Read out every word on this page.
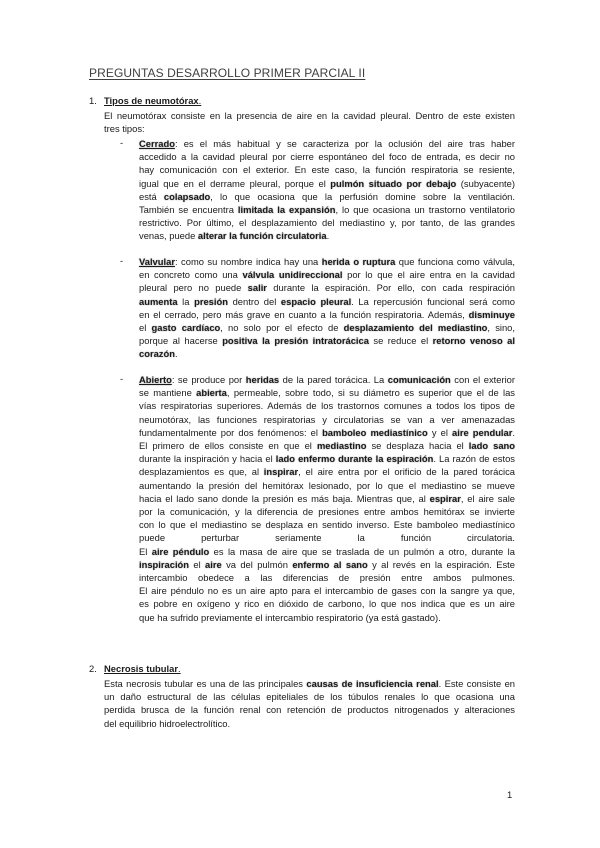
PREGUNTAS DESARROLLO PRIMER PARCIAL II
1. Tipos de neumotórax.
El neumotórax consiste en la presencia de aire en la cavidad pleural. Dentro de este existen
tres tipos:
- Cerrado: es el más habitual y se caracteriza por la oclusión del aire tras haber
accedido a la cavidad pleural por cierre espontáneo del foco de entrada, es decir no
hay comunicación con el exterior. En este caso, la función respiratoria se resiente,
igual que en el derrame pleural, porque el pulmón situado por debajo (subyacente)
está colapsado, lo que ocasiona que la perfusión domine sobre la ventilación.
También se encuentra limitada la expansión, lo que ocasiona un trastorno ventilatorio
restrictivo. Por último, el desplazamiento del mediastino y, por tanto, de las grandes
venas, puede alterar la función circulatoria.
- Valvular: como su nombre indica hay una herida o ruptura que funciona como válvula,
en concreto como una válvula unidireccional por lo que el aire entra en la cavidad
pleural pero no puede salir durante la espiración. Por ello, con cada respiración
aumenta la presión dentro del espacio pleural. La repercusión funcional será como
en el cerrado, pero más grave en cuanto a la función respiratoria. Además, disminuye
el gasto cardíaco, no solo por el efecto de desplazamiento del mediastino, sino,
porque al hacerse positiva la presión intratorácica se reduce el retorno venoso al
corazón.
- Abierto: se produce por heridas de la pared torácica. La comunicación con el exterior
se mantiene abierta, permeable, sobre todo, si su diámetro es superior que el de las
vías respiratorias superiores. Además de los trastornos comunes a todos los tipos de
neumotórax, las funciones respiratorias y circulatorias se van a ver amenazadas
fundamentalmente por dos fenómenos: el bamboleo mediastínico y el aire pendular.
El primero de ellos consiste en que el mediastino se desplaza hacia el lado sano
durante la inspiración y hacia el lado enfermo durante la espiración. La razón de estos
desplazamientos es que, al inspirar, el aire entra por el orificio de la pared torácica
aumentando la presión del hemitórax lesionado, por lo que el mediastino se mueve
hacia el lado sano donde la presión es más baja. Mientras que, al espirar, el aire sale
por la comunicación, y la diferencia de presiones entre ambos hemitórax se invierte
con lo que el mediastino se desplaza en sentido inverso. Este bamboleo mediastínico
puede perturbar seriamente la función circulatoria.
El aire péndulo es la masa de aire que se traslada de un pulmón a otro, durante la
inspiración el aire va del pulmón enfermo al sano y al revés en la espiración. Este
intercambio obedece a las diferencias de presión entre ambos pulmones.
El aire péndulo no es un aire apto para el intercambio de gases con la sangre ya que,
es pobre en oxígeno y rico en dióxido de carbono, lo que nos indica que es un aire
que ha sufrido previamente el intercambio respiratorio (ya está gastado).
2. Necrosis tubular.
Esta necrosis tubular es una de las principales causas de insuficiencia renal. Este consiste en
un daño estructural de las células epiteliales de los túbulos renales lo que ocasiona una
perdida brusca de la función renal con retención de productos nitrogenados y alteraciones
del equilibrio hidroelectrolítico.
1
